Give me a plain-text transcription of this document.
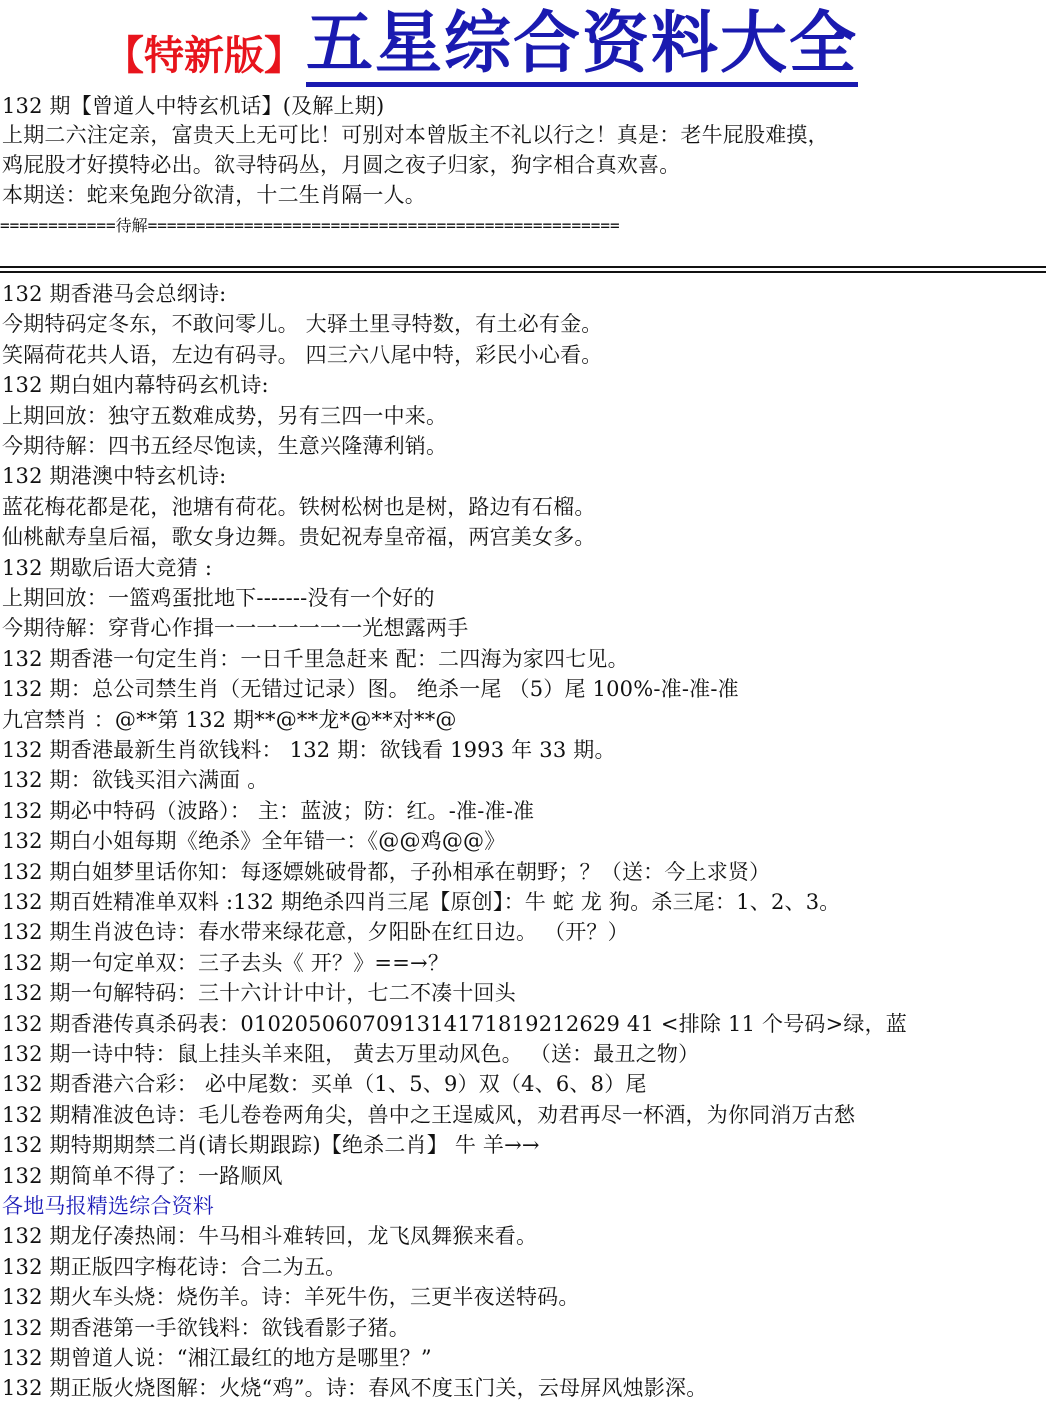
【特新版】 五星综合资料大全
132 期【曾道人中特玄机话】(及解上期)
上期二六注定亲，富贵天上无可比！可别对本曾版主不礼以行之！真是：老牛屁股难摸，
鸡屁股才好摸特必出。欲寻特码丛，月圆之夜子归家，狗字相合真欢喜。
本期送：蛇来兔跑分欲清，十二生肖隔一人。
============待解=================================================
132 期香港马会总纲诗:
今期特码定冬东，不敢问零儿。 大驿土里寻特数，有土必有金。
笑隔荷花共人语，左边有码寻。 四三六八尾中特，彩民小心看。
132 期白姐内幕特码玄机诗:
上期回放：独守五数难成势，另有三四一中来。
今期待解：四书五经尽饱读，生意兴隆薄利销。
132 期港澳中特玄机诗:
蓝花梅花都是花，池塘有荷花。铁树松树也是树，路边有石榴。
仙桃献寿皇后福，歌女身边舞。贵妃祝寿皇帝福，两宫美女多。
132 期歇后语大竞猜 :
上期回放：一篮鸡蛋批地下-------没有一个好的
今期待解：穿背心作揖一一一一一一一光想露两手
132 期香港一句定生肖：一日千里急赶来 配：二四海为家四七见。
132 期：总公司禁生肖（无错过记录）图。 绝杀一尾 （5）尾 100%-准-准-准
九宫禁肖 ：@**第 132 期**@**龙*@**对**@
132 期香港最新生肖欲钱料： 132 期：欲钱看 1993 年 33 期。
132 期：欲钱买泪六满面 。
132 期必中特码（波路）： 主：蓝波；防：红。-准-准-准
132 期白小姐每期《绝杀》全年错一：《@@鸡@@》
132 期白姐梦里话你知：每逐嫖姚破骨都，子孙相承在朝野；？（送：今上求贤）
132 期百姓精准单双料 :132 期绝杀四肖三尾【原创】：牛 蛇 龙 狗。杀三尾：1、2、3。
132 期生肖波色诗：春水带来绿花意，夕阳卧在红日边。 （开？）
132 期一句定单双：三子去头《 开？》==→？
132 期一句解特码：三十六计计中计，七二不凑十回头
132 期香港传真杀码表：0102050607091314171819212629 41 <排除 11 个号码>绿，蓝
132 期一诗中特：鼠上挂头羊来阻， 黄去万里动风色。 （送：最丑之物）
132 期香港六合彩： 必中尾数：买单（1、5、9）双（4、6、8）尾
132 期精准波色诗：毛儿卷卷两角尖，兽中之王逞威风，劝君再尽一杯酒，为你同消万古愁
132 期特期期禁二肖(请长期跟踪)【绝杀二肖】 牛 羊→→
132 期简单不得了：一路顺风
各地马报精选综合资料
132 期龙仔凑热闹：牛马相斗难转回，龙飞凤舞猴来看。
132 期正版四字梅花诗：合二为五。
132 期火车头烧：烧伤羊。诗：羊死牛伤，三更半夜送特码。
132 期香港第一手欲钱料：欲钱看影子猪。
132 期曾道人说：“湘江最红的地方是哪里？”
132 期正版火烧图解：火烧“鸡”。诗：春风不度玉门关，云母屏风烛影深。
